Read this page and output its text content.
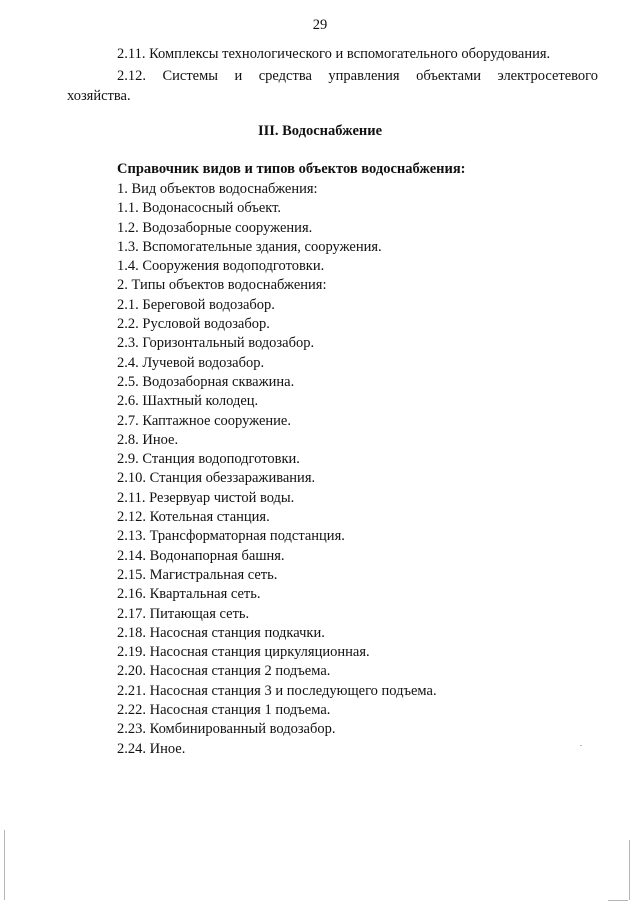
29
2.11. Комплексы технологического и вспомогательного оборудования.
2.12. Системы и средства управления объектами электросетевого
хозяйства.
III. Водоснабжение
Справочник видов и типов объектов водоснабжения:
1. Вид объектов водоснабжения:
1.1. Водонасосный объект.
1.2. Водозаборные сооружения.
1.3. Вспомогательные здания, сооружения.
1.4. Сооружения водоподготовки.
2. Типы объектов водоснабжения:
2.1. Береговой водозабор.
2.2. Русловой водозабор.
2.3. Горизонтальный водозабор.
2.4. Лучевой водозабор.
2.5. Водозаборная скважина.
2.6. Шахтный колодец.
2.7. Каптажное сооружение.
2.8. Иное.
2.9. Станция водоподготовки.
2.10. Станция обеззараживания.
2.11. Резервуар чистой воды.
2.12. Котельная станция.
2.13. Трансформаторная подстанция.
2.14. Водонапорная башня.
2.15. Магистральная сеть.
2.16. Квартальная сеть.
2.17. Питающая сеть.
2.18. Насосная станция подкачки.
2.19. Насосная станция циркуляционная.
2.20. Насосная станция 2 подъема.
2.21. Насосная станция 3 и последующего подъема.
2.22. Насосная станция 1 подъема.
2.23. Комбинированный водозабор.
2.24. Иное.
